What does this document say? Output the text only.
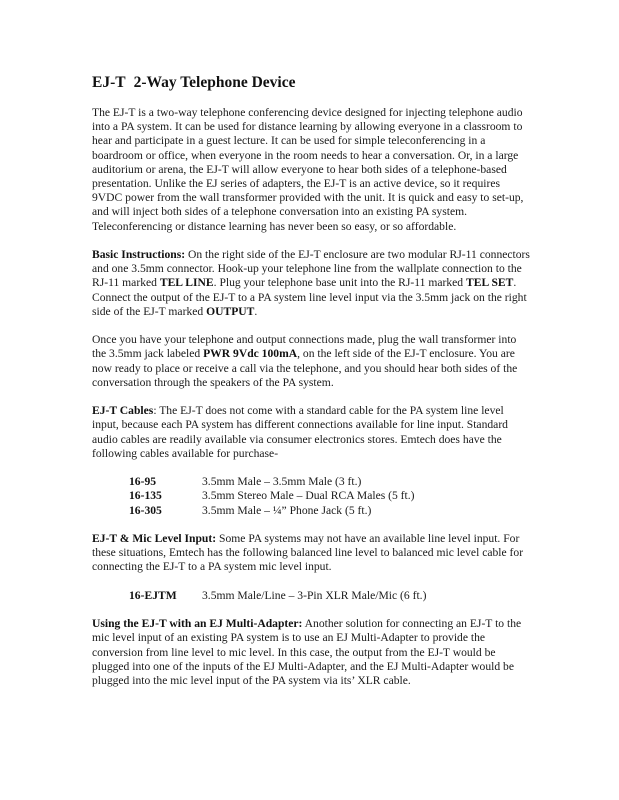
EJ-T 2-Way Telephone Device

The EJ-T is a two-way telephone conferencing device designed for injecting telephone audio into a PA system. It can be used for distance learning by allowing everyone in a classroom to hear and participate in a guest lecture. It can be used for simple teleconferencing in a boardroom or office, when everyone in the room needs to hear a conversation. Or, in a large auditorium or arena, the EJ-T will allow everyone to hear both sides of a telephone-based presentation. Unlike the EJ series of adapters, the EJ-T is an active device, so it requires 9VDC power from the wall transformer provided with the unit. It is quick and easy to set-up, and will inject both sides of a telephone conversation into an existing PA system. Teleconferencing or distance learning has never been so easy, or so affordable.

Basic Instructions: On the right side of the EJ-T enclosure are two modular RJ-11 connectors and one 3.5mm connector. Hook-up your telephone line from the wallplate connection to the RJ-11 marked TEL LINE. Plug your telephone base unit into the RJ-11 marked TEL SET. Connect the output of the EJ-T to a PA system line level input via the 3.5mm jack on the right side of the EJ-T marked OUTPUT.

Once you have your telephone and output connections made, plug the wall transformer into the 3.5mm jack labeled PWR 9Vdc 100mA, on the left side of the EJ-T enclosure. You are now ready to place or receive a call via the telephone, and you should hear both sides of the conversation through the speakers of the PA system.

EJ-T Cables: The EJ-T does not come with a standard cable for the PA system line level input, because each PA system has different connections available for line input. Standard audio cables are readily available via consumer electronics stores. Emtech does have the following cables available for purchase-

16-95	3.5mm Male – 3.5mm Male (3 ft.)
16-135	3.5mm Stereo Male – Dual RCA Males (5 ft.)
16-305	3.5mm Male – ¼” Phone Jack (5 ft.)

EJ-T & Mic Level Input: Some PA systems may not have an available line level input. For these situations, Emtech has the following balanced line level to balanced mic level cable for connecting the EJ-T to a PA system mic level input.

16-EJTM	3.5mm Male/Line – 3-Pin XLR Male/Mic (6 ft.)

Using the EJ-T with an EJ Multi-Adapter: Another solution for connecting an EJ-T to the mic level input of an existing PA system is to use an EJ Multi-Adapter to provide the conversion from line level to mic level. In this case, the output from the EJ-T would be plugged into one of the inputs of the EJ Multi-Adapter, and the EJ Multi-Adapter would be plugged into the mic level input of the PA system via its’ XLR cable.
